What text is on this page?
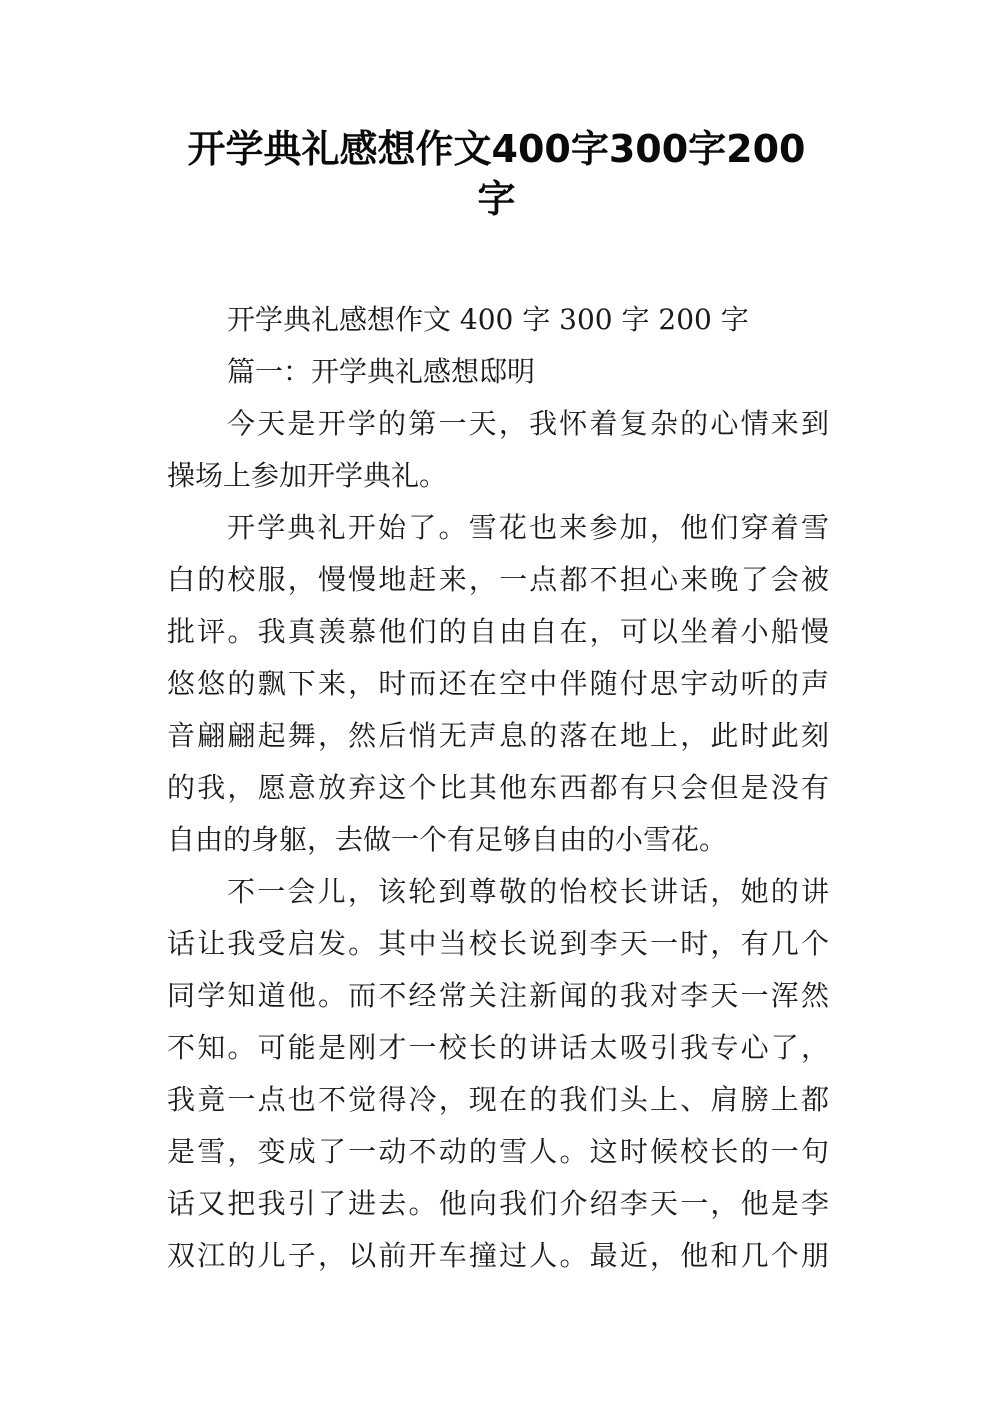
开学典礼感想作文400字300字200
字
开学典礼感想作文 400 字 300 字 200 字
篇一：开学典礼感想邸明
今天是开学的第一天，我怀着复杂的心情来到
操场上参加开学典礼。
开学典礼开始了。雪花也来参加，他们穿着雪
白的校服，慢慢地赶来，一点都不担心来晚了会被
批评。我真羡慕他们的自由自在，可以坐着小船慢
悠悠的飘下来，时而还在空中伴随付思宇动听的声
音翩翩起舞，然后悄无声息的落在地上，此时此刻
的我，愿意放弃这个比其他东西都有只会但是没有
自由的身躯，去做一个有足够自由的小雪花。
不一会儿，该轮到尊敬的怡校长讲话，她的讲
话让我受启发。其中当校长说到李天一时，有几个
同学知道他。而不经常关注新闻的我对李天一浑然
不知。可能是刚才一校长的讲话太吸引我专心了，
我竟一点也不觉得冷，现在的我们头上、肩膀上都
是雪，变成了一动不动的雪人。这时候校长的一句
话又把我引了进去。他向我们介绍李天一，他是李
双江的儿子，以前开车撞过人。最近，他和几个朋
